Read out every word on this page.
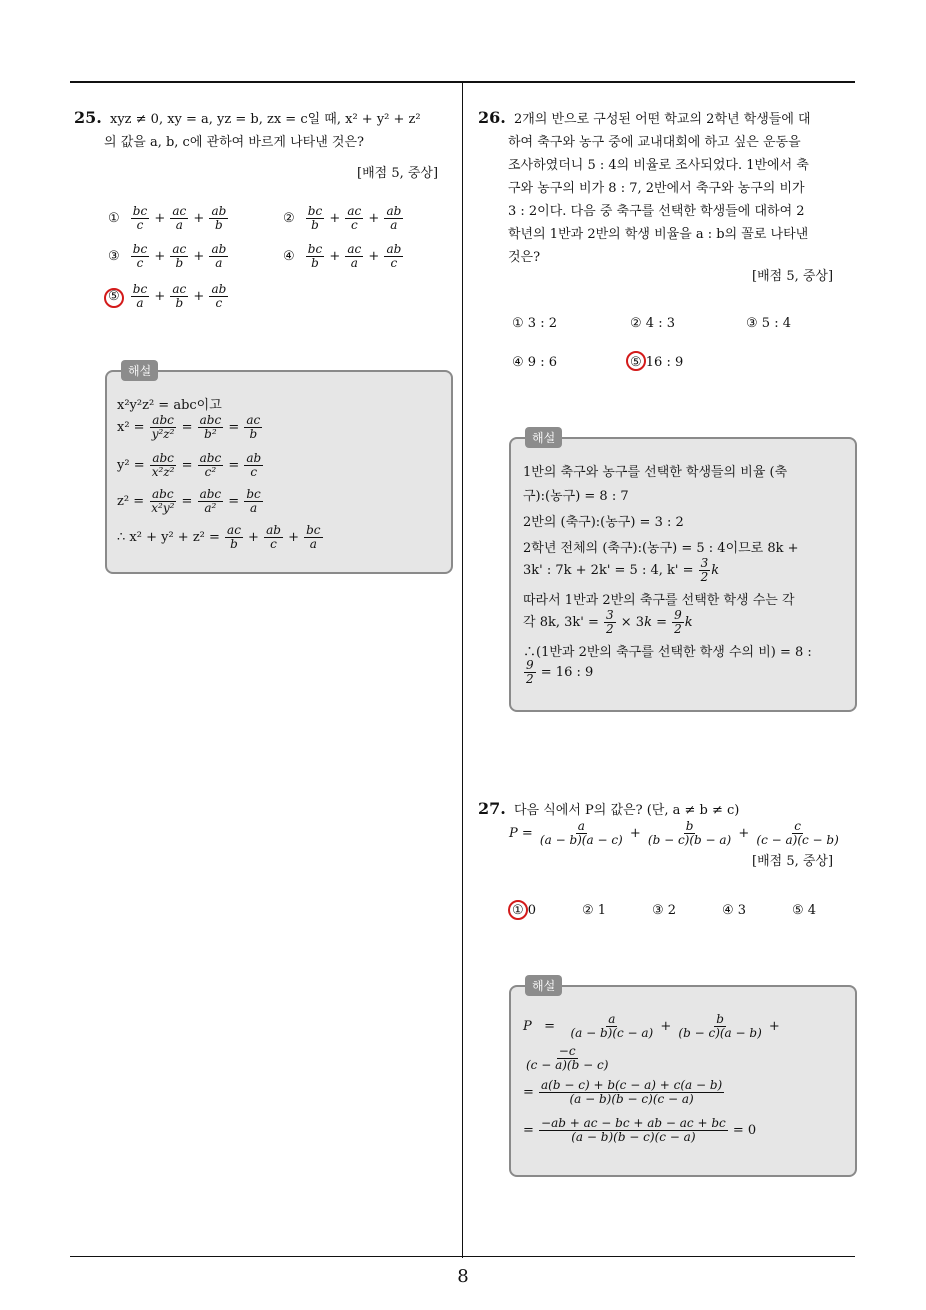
8
25. xyz ≠ 0, xy = a, yz = b, zx = c일 때, x² + y² + z²
의 값을 a, b, c에 관하여 바르게 나타낸 것은?
[배점 5, 중상]
① $\frac{bc}{c} + \frac{ac}{a} + \frac{ab}{b}$	② $\frac{bc}{b} + \frac{ac}{c} + \frac{ab}{a}$
③ $\frac{bc}{c} + \frac{ac}{b} + \frac{ab}{a}$	④ $\frac{bc}{b} + \frac{ac}{a} + \frac{ab}{c}$
⑤ $\frac{bc}{a} + \frac{ac}{b} + \frac{ab}{c}$
해설
x²y²z² = abc이고
$x^2 = \frac{\text{abc}}{\text{y²z²}} = \frac{\text{abc}}{\text{b²}} = \frac{ac}{b}$
$y^2 = \frac{\text{abc}}{\text{x²z²}} = \frac{\text{abc}}{\text{c²}} = \frac{ab}{c}$
$z^2 = \frac{\text{abc}}{\text{x²y²}} = \frac{\text{abc}}{\text{a²}} = \frac{bc}{a}$
∴ $x^2 + y^2 + z^2 = \frac{ac}{b} + \frac{ab}{c} + \frac{bc}{a}$
26. 2개의 반으로 구성된 어떤 학교의 2학년 학생들에 대
하여 축구와 농구 중에 교내대회에 하고 싶은 운동을
조사하였더니 5 : 4의 비율로 조사되었다. 1반에서 축
구와 농구의 비가 8 : 7, 2반에서 축구와 농구의 비가
3 : 2이다. 다음 중 축구를 선택한 학생들에 대하여 2
학년의 1반과 2반의 학생 비율을 a : b의 꼴로 나타낸
것은?
[배점 5, 중상]
① 3 : 2	② 4 : 3	③ 5 : 4
④ 9 : 6	⑤ 16 : 9
해설
1반의 축구와 농구를 선택한 학생들의 비율 (축
구):(농구) = 8 : 7
2반의 (축구):(농구) = 3 : 2
2학년 전체의 (축구):(농구) = 5 : 4이므로 8k +
3k' : 7k + 2k' = 5 : 4, $k' = \frac{3}{2}$ k
따라서 1반과 2반의 축구를 선택한 학생 수는 각
각 8k, $3k' = \frac{3}{2} \times 3k = \frac{9}{2}$ k
∴(1반과 2반의 축구를 선택한 학생 수의 비) = 8 :
$\frac{9}{2} = 16$ : 9
27. 다음 식에서 P의 값은? (단, a ≠ b ≠ c)
$P = \frac{a}{(a - b)(a - c)} + \frac{b}{(b - c)(b - a)} + \frac{c}{(c - a)(c - b)}$
[배점 5, 중상]
① 0	② 1	③ 2	④ 3	⑤ 4
해설
$P = \frac{a}{(a - b)(c - a)} + \frac{b}{(b - c)(a - b)}$ +
$\frac{-c}{(c - a)(b - c)}$
= $\frac{a(b - c) + b(c - a) + c(a - b)}{(a - b)(b - c)(c - a)}$
= $\frac{-ab + ac - bc + ab - ac + bc}{(a - b)(b - c)(c - a)} = 0$
